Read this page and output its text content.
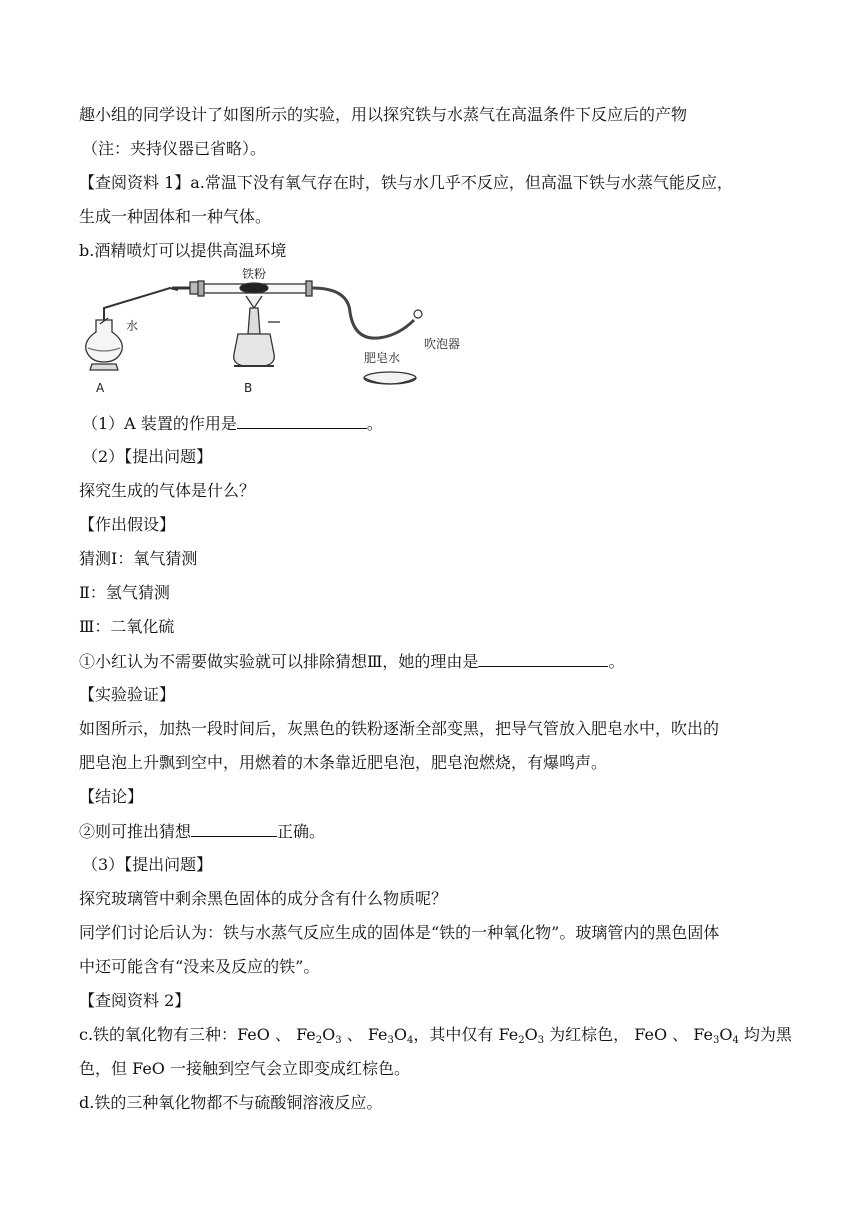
趣小组的同学设计了如图所示的实验，用以探究铁与水蒸气在高温条件下反应后的产物
（注：夹持仪器已省略）。
【查阅资料 1】a.常温下没有氧气存在时，铁与水几乎不反应，但高温下铁与水蒸气能反应，
生成一种固体和一种气体。
b.酒精喷灯可以提供高温环境
铁粉
水
肥皂水
吹泡器
A	B
（1）A 装置的作用是	。
（2）【提出问题】
探究生成的气体是什么？
【作出假设】
猜测Ⅰ：氧气猜测
Ⅱ：氢气猜测
Ⅲ：二氧化硫
①小红认为不需要做实验就可以排除猜想Ⅲ，她的理由是	。
【实验验证】
如图所示，加热一段时间后，灰黑色的铁粉逐渐全部变黑，把导气管放入肥皂水中，吹出的
肥皂泡上升飘到空中，用燃着的木条靠近肥皂泡，肥皂泡燃烧，有爆鸣声。
【结论】
②则可推出猜想	正确。
（3）【提出问题】
探究玻璃管中剩余黑色固体的成分含有什么物质呢？
同学们讨论后认为：铁与水蒸气反应生成的固体是“铁的一种氧化物”。玻璃管内的黑色固体
中还可能含有“没来及反应的铁”。
【查阅资料 2】
c.铁的氧化物有三种：FeO 、 $Fe_2O_3$ 、 $Fe_3O_4$，其中仅有 $Fe_2O_3$ 为红棕色， FeO 、 $Fe_3O_4$ 均为黑
色，但 FeO 一接触到空气会立即变成红棕色。
d.铁的三种氧化物都不与硫酸铜溶液反应。
